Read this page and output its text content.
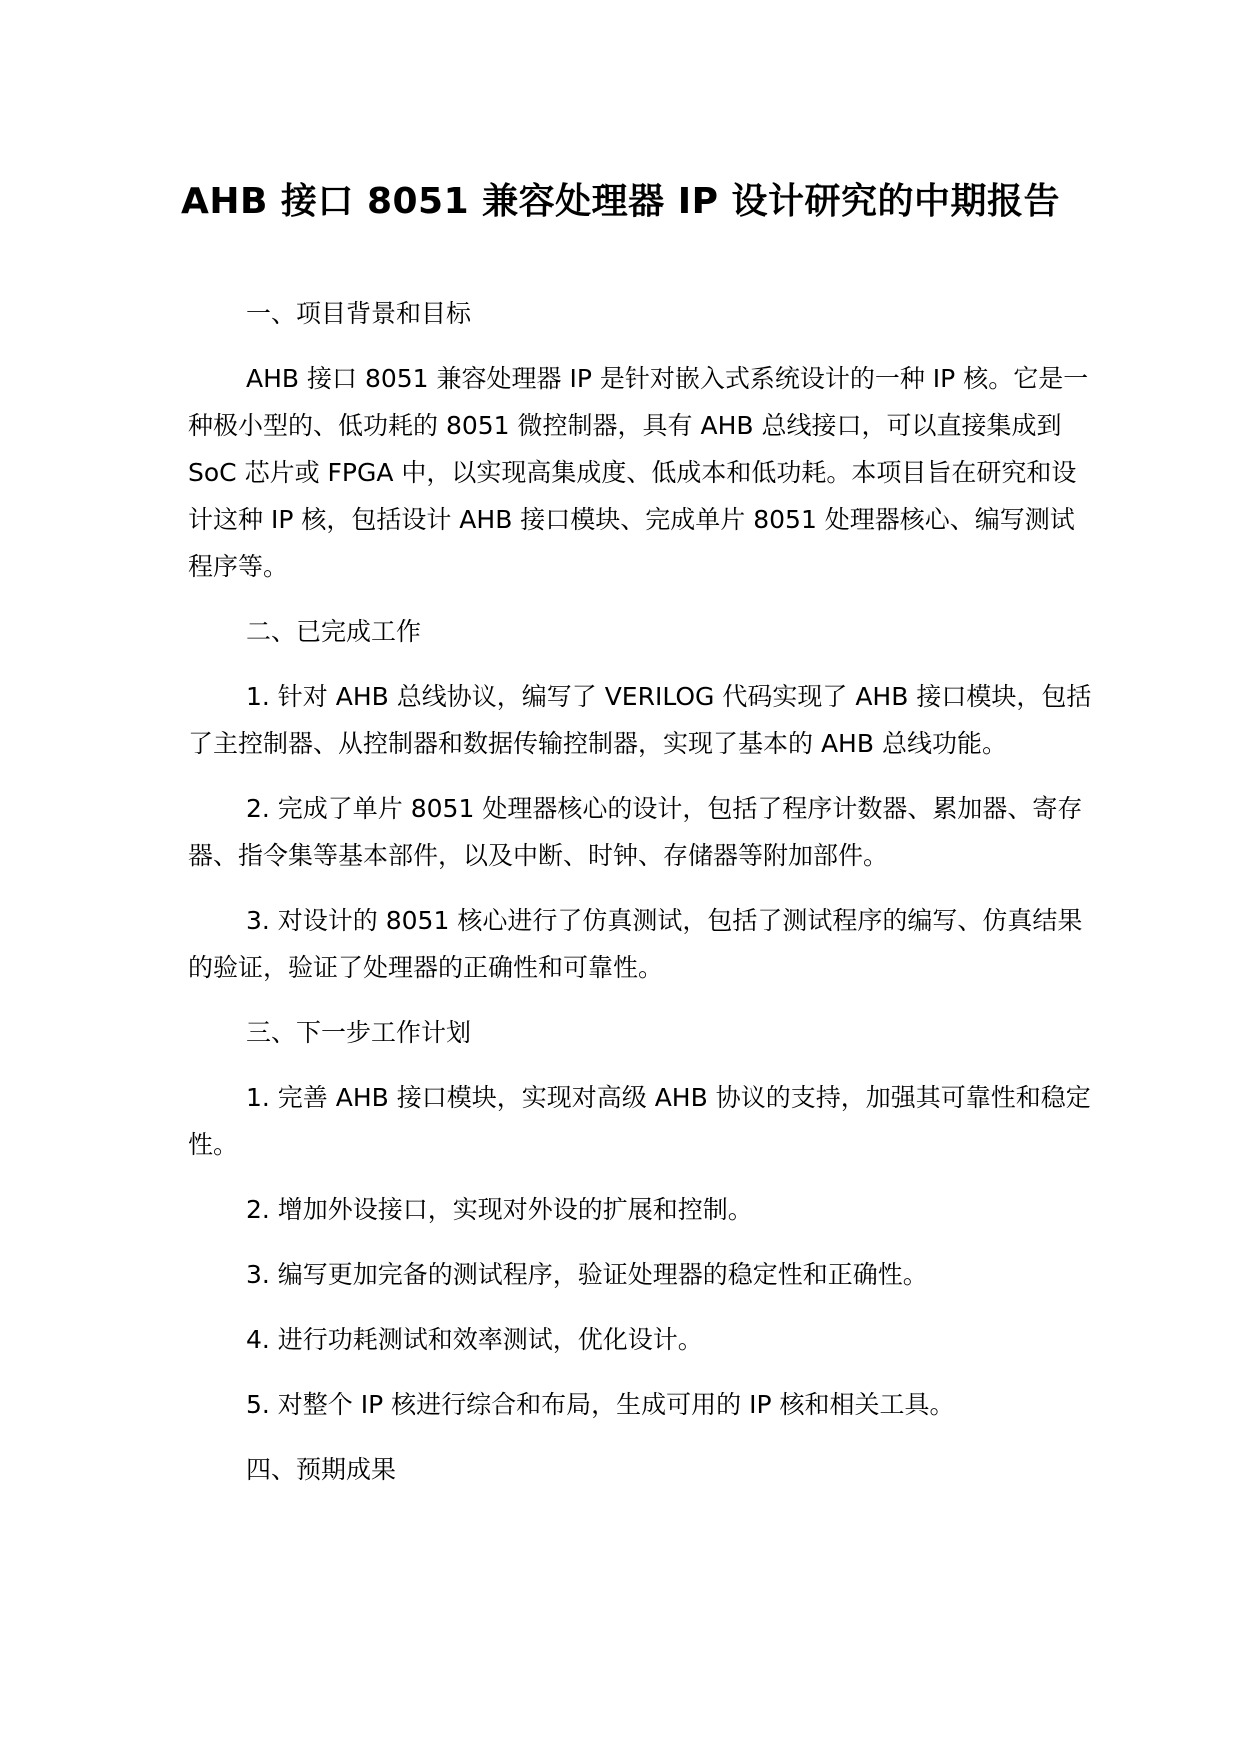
AHB 接口 8051 兼容处理器 IP 设计研究的中期报告

一、项目背景和目标

AHB 接口 8051 兼容处理器 IP 是针对嵌入式系统设计的一种 IP 核。它是一种极小型的、低功耗的 8051 微控制器，具有 AHB 总线接口，可以直接集成到 SoC 芯片或 FPGA 中，以实现高集成度、低成本和低功耗。本项目旨在研究和设计这种 IP 核，包括设计 AHB 接口模块、完成单片 8051 处理器核心、编写测试程序等。

二、已完成工作

1. 针对 AHB 总线协议，编写了 VERILOG 代码实现了 AHB 接口模块，包括了主控制器、从控制器和数据传输控制器，实现了基本的 AHB 总线功能。

2. 完成了单片 8051 处理器核心的设计，包括了程序计数器、累加器、寄存器、指令集等基本部件，以及中断、时钟、存储器等附加部件。

3. 对设计的 8051 核心进行了仿真测试，包括了测试程序的编写、仿真结果的验证，验证了处理器的正确性和可靠性。

三、下一步工作计划

1. 完善 AHB 接口模块，实现对高级 AHB 协议的支持，加强其可靠性和稳定性。

2. 增加外设接口，实现对外设的扩展和控制。

3. 编写更加完备的测试程序，验证处理器的稳定性和正确性。

4. 进行功耗测试和效率测试，优化设计。

5. 对整个 IP 核进行综合和布局，生成可用的 IP 核和相关工具。

四、预期成果
